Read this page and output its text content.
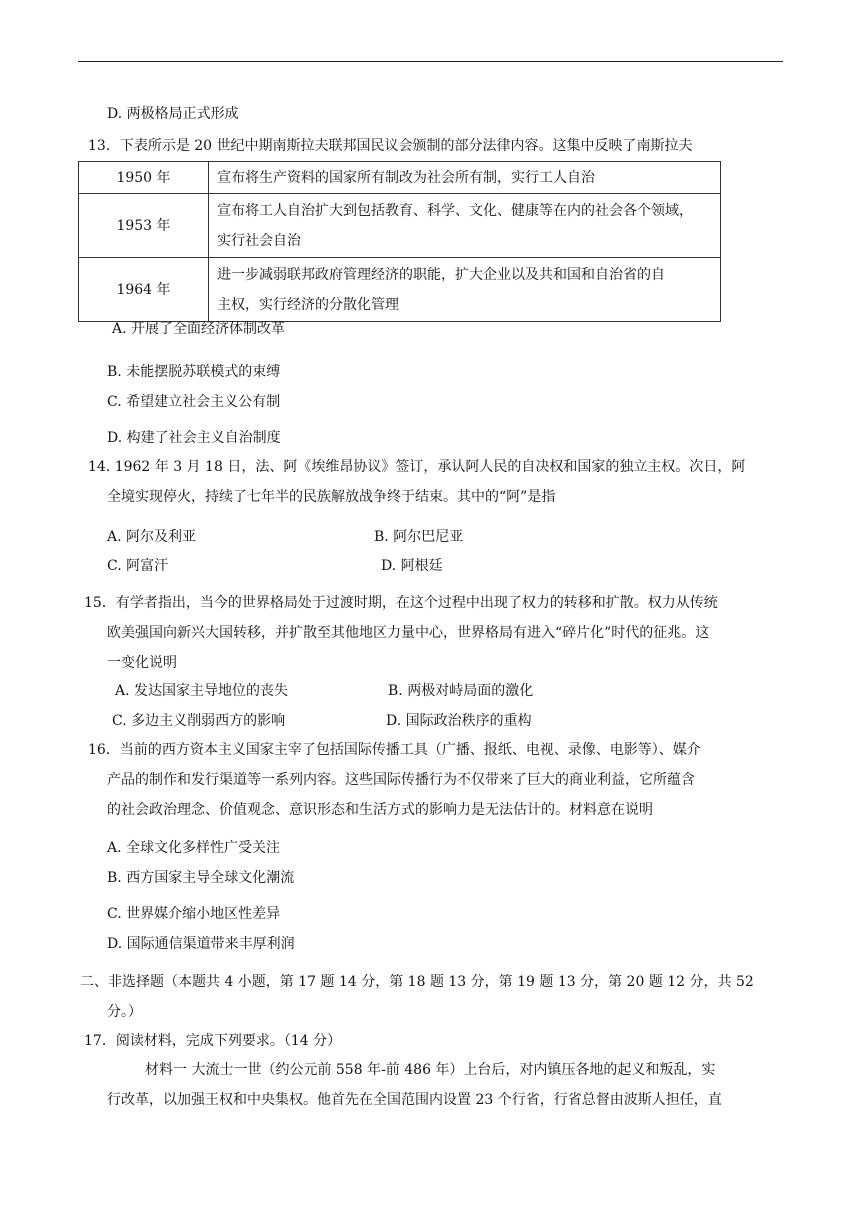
D. 两极格局正式形成
13．下表所示是 20 世纪中期南斯拉夫联邦国民议会颁制的部分法律内容。这集中反映了南斯拉夫
1950 年	宣布将生产资料的国家所有制改为社会所有制，实行工人自治
1953 年	宣布将工人自治扩大到包括教育、科学、文化、健康等在内的社会各个领域，
实行社会自治

1964 年	进一步减弱联邦政府管理经济的职能，扩大企业以及共和国和自治省的自
主权，实行经济的分散化管理
A. 开展了全面经济体制改革
B. 未能摆脱苏联模式的束缚
C. 希望建立社会主义公有制
D. 构建了社会主义自治制度
14. 1962 年 3 月 18 日，法、阿《埃维昂协议》签订，承认阿人民的自决权和国家的独立主权。次日，阿
全境实现停火，持续了七年半的民族解放战争终于结束。其中的“阿”是指
A. 阿尔及利亚	B. 阿尔巴尼亚
C. 阿富汗	D. 阿根廷
15．有学者指出，当今的世界格局处于过渡时期，在这个过程中出现了权力的转移和扩散。权力从传统
欧美强国向新兴大国转移，并扩散至其他地区力量中心，世界格局有进入“碎片化”时代的征兆。这
一变化说明
A. 发达国家主导地位的丧失	B. 两极对峙局面的激化
C. 多边主义削弱西方的影响	D. 国际政治秩序的重构
16．当前的西方资本主义国家主宰了包括国际传播工具（广播、报纸、电视、录像、电影等）、媒介
产品的制作和发行渠道等一系列内容。这些国际传播行为不仅带来了巨大的商业利益，它所蕴含
的社会政治理念、价值观念、意识形态和生活方式的影响力是无法估计的。材料意在说明
A. 全球文化多样性广受关注
B. 西方国家主导全球文化潮流
C. 世界媒介缩小地区性差异
D. 国际通信渠道带来丰厚利润
二、非选择题（本题共 4 小题，第 17 题 14 分，第 18 题 13 分，第 19 题 13 分，第 20 题 12 分，共 52
分。）
17．阅读材料，完成下列要求。（14 分）
材料一 大流士一世（约公元前 558 年-前 486 年）上台后，对内镇压各地的起义和叛乱，实
行改革，以加强王权和中央集权。他首先在全国范围内设置 23 个行省，行省总督由波斯人担任，直
